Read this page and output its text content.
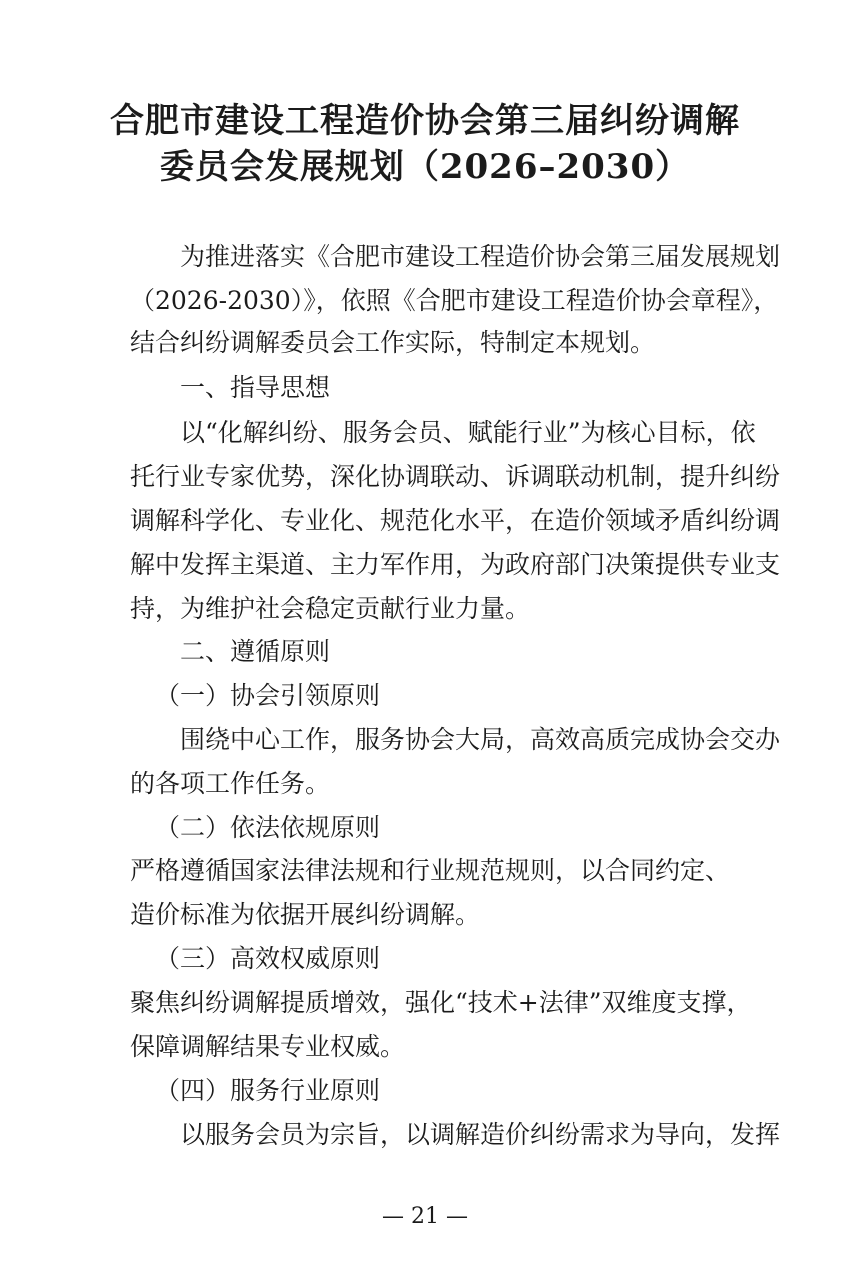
合肥市建设工程造价协会第三届纠纷调解
委员会发展规划（2026–2030）

为推进落实《合肥市建设工程造价协会第三届发展规划

（2026-2030）》，依照《合肥市建设工程造价协会章程》，

结合纠纷调解委员会工作实际，特制定本规划。

一、指导思想

以“化解纠纷、服务会员、赋能行业”为核心目标，依

托行业专家优势，深化协调联动、诉调联动机制，提升纠纷

调解科学化、专业化、规范化水平，在造价领域矛盾纠纷调

解中发挥主渠道、主力军作用，为政府部门决策提供专业支

持，为维护社会稳定贡献行业力量。

二、遵循原则

（一）协会引领原则

围绕中心工作，服务协会大局，高效高质完成协会交办

的各项工作任务。

（二）依法依规原则

严格遵循国家法律法规和行业规范规则，以合同约定、

造价标准为依据开展纠纷调解。

（三）高效权威原则

聚焦纠纷调解提质增效，强化“技术+法律”双维度支撑，

保障调解结果专业权威。

（四）服务行业原则

以服务会员为宗旨，以调解造价纠纷需求为导向，发挥

— 21 —
